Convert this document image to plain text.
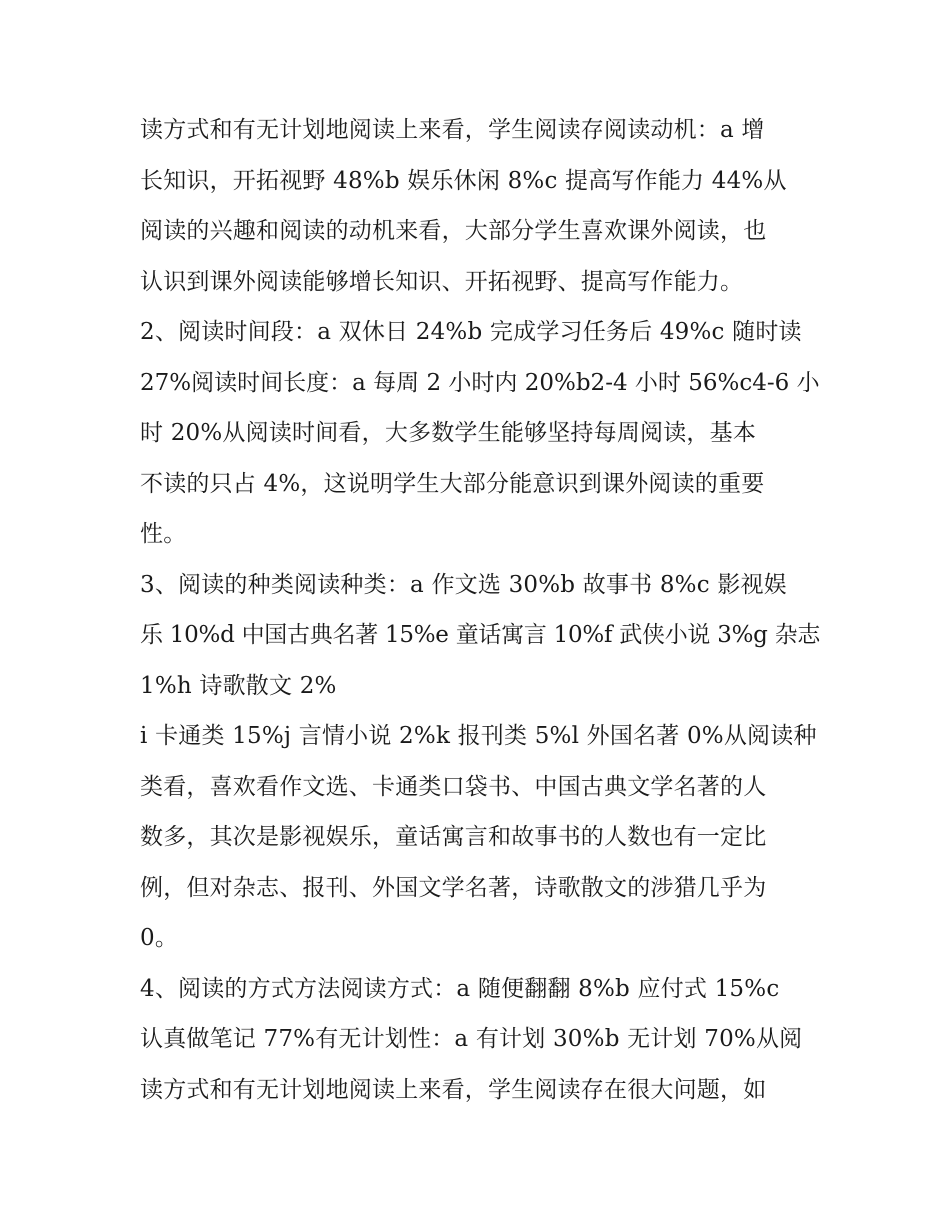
读方式和有无计划地阅读上来看，学生阅读存阅读动机：a 增
长知识，开拓视野 48%b 娱乐休闲 8%c 提高写作能力 44%从
阅读的兴趣和阅读的动机来看，大部分学生喜欢课外阅读，也
认识到课外阅读能够增长知识、开拓视野、提高写作能力。
2、阅读时间段：a 双休日 24%b 完成学习任务后 49%c 随时读
27%阅读时间长度：a 每周 2 小时内 20%b2-4 小时 56%c4-6 小
时 20%从阅读时间看，大多数学生能够坚持每周阅读，基本
不读的只占 4%，这说明学生大部分能意识到课外阅读的重要
性。
3、阅读的种类阅读种类：a 作文选 30%b 故事书 8%c 影视娱
乐 10%d 中国古典名著 15%e 童话寓言 10%f 武侠小说 3%g 杂志
1%h 诗歌散文 2%
i 卡通类 15%j 言情小说 2%k 报刊类 5%l 外国名著 0%从阅读种
类看，喜欢看作文选、卡通类口袋书、中国古典文学名著的人
数多，其次是影视娱乐，童话寓言和故事书的人数也有一定比
例，但对杂志、报刊、外国文学名著，诗歌散文的涉猎几乎为
0。
4、阅读的方式方法阅读方式：a 随便翻翻 8%b 应付式 15%c
认真做笔记 77%有无计划性：a 有计划 30%b 无计划 70%从阅
读方式和有无计划地阅读上来看，学生阅读存在很大问题，如
